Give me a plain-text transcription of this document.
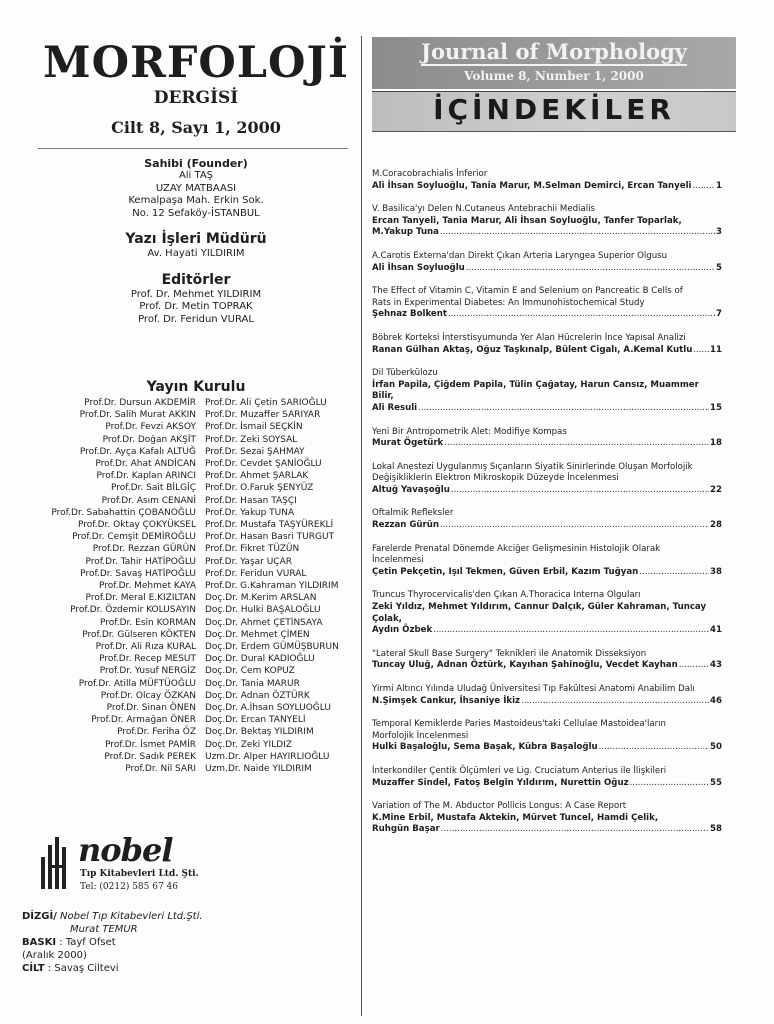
MORFOLOJİ
DERGİSİ
Cilt 8, Sayı 1, 2000
Sahibi (Founder)
Ali TAŞ
UZAY MATBAASI
Kemalpaşa Mah. Erkin Sok.
No. 12 Sefaköy-İSTANBUL
Yazı İşleri Müdürü
Av. Hayati YILDIRIM
Editörler
Prof. Dr. Mehmet YILDIRIM
Prof. Dr. Metin TOPRAK
Prof. Dr. Feridun VURAL
Yayın Kurulu
Prof.Dr. Dursun AKDEMİR
Prof.Dr. Salih Murat AKKIN
Prof.Dr. Fevzi AKSOY
Prof.Dr. Doğan AKŞİT
Prof.Dr. Ayça Kafalı ALTUĞ
Prof.Dr. Ahat ANDİCAN
Prof.Dr. Kaplan ARINCI
Prof.Dr. Sait BİLGİÇ
Prof.Dr. Asım CENANİ
Prof.Dr. Sabahattin ÇOBANOĞLU
Prof.Dr. Oktay ÇOKYÜKSEL
Prof.Dr. Cemşit DEMİROĞLU
Prof.Dr. Rezzan GÜRÜN
Prof.Dr. Tahir HATİPOĞLU
Prof.Dr. Savaş HATİPOĞLU
Prof.Dr. Mehmet KAYA
Prof.Dr. Meral E.KIZILTAN
Prof.Dr. Özdemir KOLUSAYIN
Prof.Dr. Esin KORMAN
Prof.Dr. Gülseren KÖKTEN
Prof.Dr. Ali Rıza KURAL
Prof.Dr. Recep MESUT
Prof.Dr. Yusuf NERGİZ
Prof.Dr. Atilla MÜFTÜOĞLU
Prof.Dr. Olcay ÖZKAN
Prof.Dr. Sinan ÖNEN
Prof.Dr. Armağan ÖNER
Prof.Dr. Feriha ÖZ
Prof.Dr. İsmet PAMİR
Prof.Dr. Sadık PEREK
Prof.Dr. Nil SARI
Prof.Dr. Ali Çetin SARIOĞLU
Prof.Dr. Muzaffer SARIYAR
Prof.Dr. İsmail SEÇKİN
Prof.Dr. Zeki SOYSAL
Prof.Dr. Sezai ŞAHMAY
Prof.Dr. Cevdet ŞANİOĞLU
Prof.Dr. Ahmet ŞARLAK
Prof.Dr. O.Faruk ŞENYÜZ
Prof.Dr. Hasan TAŞÇI
Prof.Dr. Yakup TUNA
Prof.Dr. Mustafa TAŞYÜREKLİ
Prof.Dr. Hasan Basri TURGUT
Prof.Dr. Fikret TÜZÜN
Prof.Dr. Yaşar UÇAR
Prof.Dr. Feridun VURAL
Prof.Dr. G.Kahraman YILDIRIM
Doç.Dr. M.Kerim ARSLAN
Doç.Dr. Hulki BAŞALOĞLU
Doç.Dr. Ahmet ÇETİNSAYA
Doç.Dr. Mehmet ÇİMEN
Doç.Dr. Erdem GÜMÜŞBURUN
Doç.Dr. Dural KADIOĞLU
Doç.Dr. Cem KOPUZ
Doç.Dr. Tania MARUR
Doç.Dr. Adnan ÖZTÜRK
Doç.Dr. A.İhsan SOYLUOĞLU
Doç.Dr. Ercan TANYELİ
Doç.Dr. Bektaş YILDIRIM
Doç.Dr. Zeki YILDIZ
Uzm.Dr. Alper HAYIRLIOĞLU
Uzm.Dr. Naide YILDIRIM
nobel
Tıp Kitabevleri Ltd. Şti.
Tel: (0212) 585 67 46
DİZGİ/ Nobel Tıp Kitabevleri Ltd.Şti.
Murat TEMUR
BASKI : Tayf Ofset
(Aralık 2000)
CİLT : Savaş Ciltevi
Journal of Morphology
Volume 8, Number 1, 2000
İÇİNDEKİLER
M.Coracobrachialis İnferior
Ali İhsan Soyluoğlu, Tania Marur, M.Selman Demirci, Ercan Tanyeli .....	1
V. Basilica'yı Delen N.Cutaneus Antebrachii Medialis
Ercan Tanyeli, Tania Marur, Ali İhsan Soyluoğlu, Tanfer Toparlak,
M.Yakup Tuna .....	3
A.Carotis Externa'dan Direkt Çıkan Arteria Laryngea Superior Olgusu
Ali İhsan Soyluoğlu .....	5
The Effect of Vitamin C, Vitamin E and Selenium on Pancreatic B Cells of
Rats in Experimental Diabetes: An Immunohistochemical Study
Şehnaz Bolkent .....	7
Böbrek Korteksi İnterstisyumunda Yer Alan Hücrelerin İnce Yapısal Analizi
Ranan Gülhan Aktaş, Oğuz Taşkınalp, Bülent Cigalı, A.Kemal Kutlu ..... 11
Dil Tüberkülozu
İrfan Papila, Çiğdem Papila, Tülin Çağatay, Harun Cansız, Muammer Bilir,
Ali Resuli .....	15
Yeni Bir Antropometrik Alet: Modifiye Kompas
Murat Ögetürk .....	18
Lokal Anestezi Uygulanmış Sıçanların Siyatik Sinirlerinde Oluşan Morfolojik
Değişikliklerin Elektron Mikroskopik Düzeyde İncelenmesi
Altuğ Yavaşoğlu .....	22
Oftalmik Refleksler
Rezzan Gürün .....	28
Farelerde Prenatal Dönemde Akciğer Gelişmesinin Histolojik Olarak
İncelenmesi
Çetin Pekçetin, Işıl Tekmen, Güven Erbil, Kazım Tuğyan .....	38
Truncus Thyrocervicalis'den Çıkan A.Thoracica Interna Olguları
Zeki Yıldız, Mehmet Yıldırım, Cannur Dalçık, Güler Kahraman, Tuncay Çolak,
Aydın Özbek .....	41
"Lateral Skull Base Surgery" Teknikleri ile Anatomik Disseksiyon
Tuncay Uluğ, Adnan Öztürk, Kayıhan Şahinoğlu, Vecdet Kayhan .....	43
Yirmi Altıncı Yılında Uludağ Üniversitesi Tıp Fakültesi Anatomi Anabilim Dalı
N.Şimşek Cankur, İhsaniye İkiz .....	46
Temporal Kemiklerde Paries Mastoideus'taki Cellulae Mastoidea'ların
Morfolojik İncelenmesi
Hulki Başaloğlu, Sema Başak, Kübra Başaloğlu .....	50
İnterkondiler Çentik Ölçümleri ve Lig. Cruciatum Anterius ile İlişkileri
Muzaffer Sindel, Fatoş Belgin Yıldırım, Nurettin Oğuz .....	55
Variation of The M. Abductor Pollicis Longus: A Case Report
K.Mine Erbil, Mustafa Aktekin, Mürvet Tuncel, Hamdi Çelik,
Ruhgün Başar .....	58
